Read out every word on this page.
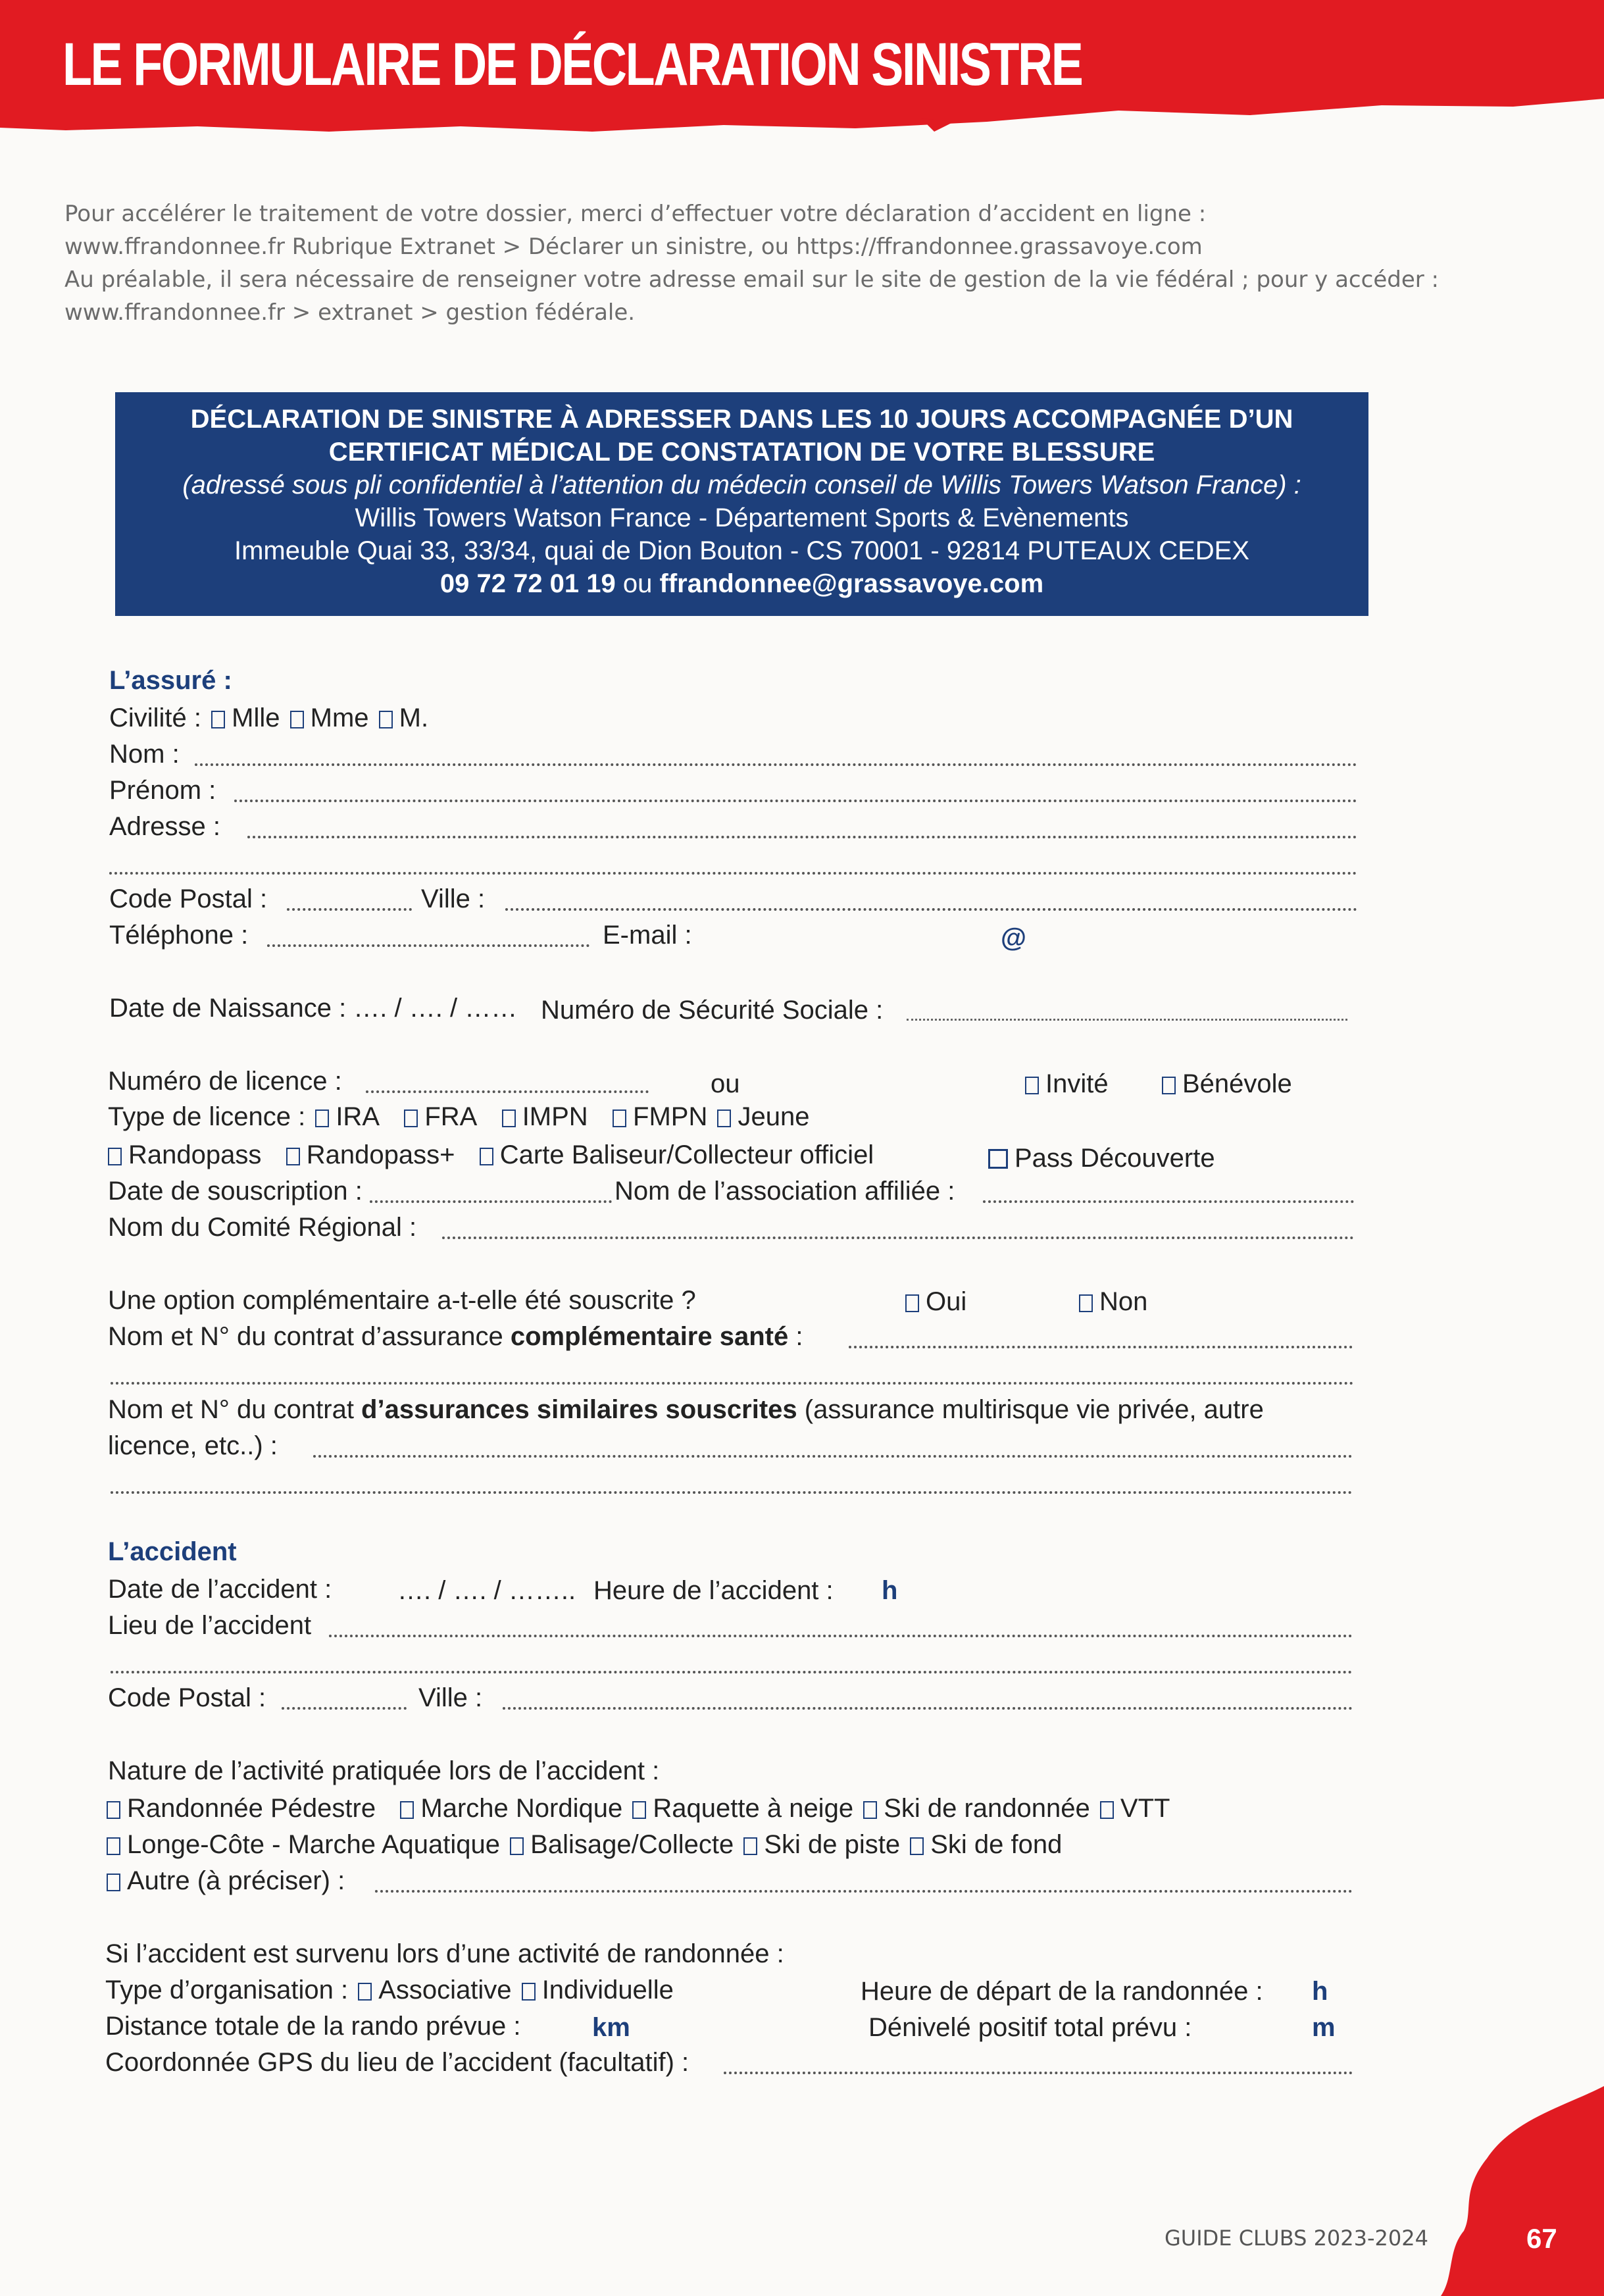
LE FORMULAIRE DE DÉCLARATION SINISTRE
Pour accélérer le traitement de votre dossier, merci d’effectuer votre déclaration d’accident en ligne :
www.ffrandonnee.fr Rubrique Extranet > Déclarer un sinistre, ou https://ffrandonnee.grassavoye.com
Au préalable, il sera nécessaire de renseigner votre adresse email sur le site de gestion de la vie fédéral ; pour y accéder :
www.ffrandonnee.fr > extranet > gestion fédérale.
DÉCLARATION DE SINISTRE À ADRESSER DANS LES 10 JOURS ACCOMPAGNÉE D’UN
CERTIFICAT MÉDICAL DE CONSTATATION DE VOTRE BLESSURE
(adressé sous pli confidentiel à l’attention du médecin conseil de Willis Towers Watson France) :
Willis Towers Watson France - Département Sports & Evènements
Immeuble Quai 33, 33/34, quai de Dion Bouton - CS 70001 - 92814 PUTEAUX CEDEX
09 72 72 01 19 ou ffrandonnee@grassavoye.com
L’assuré :
Civilité : Mlle Mme M.
Nom :
Prénom :
Adresse :
Code Postal :	Ville :
Téléphone :	E-mail :	@
Date de Naissance : …. / …. / …… Numéro de Sécurité Sociale :
Numéro de licence :	ou	Invité	Bénévole
Type de licence : IRA FRA IMPN FMPN Jeune
Randopass Randopass+ Carte Baliseur/Collecteur officiel	Pass Découverte
Date de souscription :	Nom de l’association affiliée :
Nom du Comité Régional :
Une option complémentaire a-t-elle été souscrite ?	Oui	Non
Nom et N° du contrat d’assurance complémentaire santé :
Nom et N° du contrat d’assurances similaires souscrites (assurance multirisque vie privée, autre
licence, etc..) :
L’accident
Date de l’accident : …. / …. / …….. Heure de l’accident : h
Lieu de l’accident
Code Postal :	Ville :
Nature de l’activité pratiquée lors de l’accident :
Randonnée Pédestre Marche Nordique Raquette à neige Ski de randonnée VTT
Longe-Côte - Marche Aquatique Balisage/Collecte Ski de piste Ski de fond
Autre (à préciser) :
Si l’accident est survenu lors d’une activité de randonnée :
Type d’organisation : Associative Individuelle	Heure de départ de la randonnée : h
Distance totale de la rando prévue :	km	Dénivelé positif total prévu :	m
Coordonnée GPS du lieu de l’accident (facultatif) :
GUIDE CLUBS 2023-2024	67
